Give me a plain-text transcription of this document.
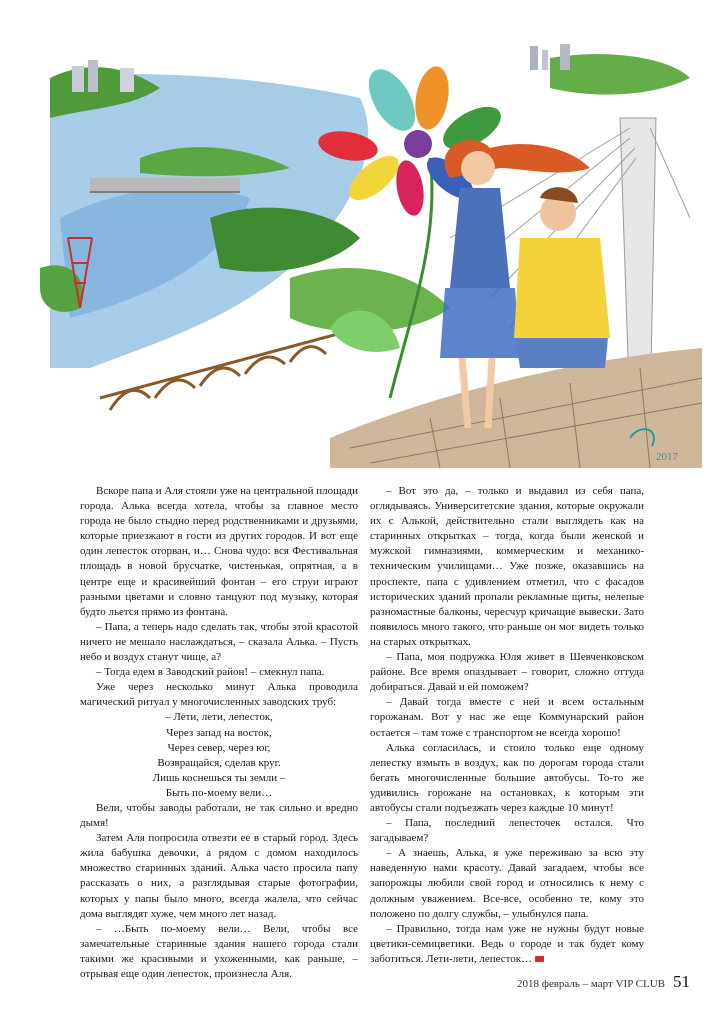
2017

Вскоре папа и Аля стояли уже на центральной площади города. Алька всегда хотела, чтобы за главное место города не было стыдно перед родственниками и друзьями, которые приезжают в гости из других городов. И вот еще один лепесток оторван, и… Снова чудо: вся Фестивальная площадь в новой брусчатке, чистенькая, опрятная, а в центре еще и красивейший фонтан – его струи играют разными цветами и словно танцуют под музыку, которая будто льется прямо из фонтана.

– Папа, а теперь надо сделать так, чтобы этой красотой ничего не мешало наслаждаться, – сказала Алька. – Пусть небо и воздух станут чище, а?

– Тогда едем в Заводский район! – смекнул папа.

Уже через несколько минут Алька проводила магический ритуал у многочисленных заводских труб:

– Лети, лети, лепесток,
Через запад на восток,
Через север, через юг,
Возвращайся, сделав круг.
Лишь коснешься ты земли –
Быть по-моему вели…

Вели, чтобы заводы работали, не так сильно и вредно дымя!

Затем Аля попросила отвезти ее в старый город. Здесь жила бабушка девочки, а рядом с домом находилось множество старинных зданий. Алька часто просила папу рассказать о них, а разглядывая старые фотографии, которых у папы было много, всегда жалела, что сейчас дома выглядят хуже, чем много лет назад.

– …Быть по-моему вели… Вели, чтобы все замечательные старинные здания нашего города стали такими же красивыми и ухоженными, как раньше, – отрывая еще один лепесток, произнесла Аля.

– Вот это да, – только и выдавил из себя папа, оглядываясь. Университетские здания, которые окружали их с Алькой, действительно стали выглядеть как на старинных открытках – тогда, когда были женской и мужской гимназиями, коммерческим и механико-техническим училищами… Уже позже, оказавшись на проспекте, папа с удивлением отметил, что с фасадов исторических зданий пропали рекламные щиты, нелепые разномастные балконы, чересчур кричащие вывески. Зато появилось много такого, что раньше он мог видеть только на старых открытках.

– Папа, моя подружка Юля живет в Шевченковском районе. Все время опаздывает – говорит, сложно оттуда добираться. Давай и ей поможем?

– Давай тогда вместе с ней и всем остальным горожанам. Вот у нас же еще Коммунарский район остается – там тоже с транспортом не всегда хорошо!

Алька согласилась, и стоило только еще одному лепестку взмыть в воздух, как по дорогам города стали бегать многочисленные большие автобусы. То-то же удивились горожане на остановках, к которым эти автобусы стали подъезжать через каждые 10 минут!

– Папа, последний лепесточек остался. Что загадываем?

– А знаешь, Алька, я уже переживаю за всю эту наведенную нами красоту. Давай загадаем, чтобы все запорожцы любили свой город и относились к нему с должным уважением. Все-все, особенно те, кому это положено по долгу службы, – улыбнулся папа.

– Правильно, тогда нам уже не нужны будут новые цветики-семицветики. Ведь о городе и так будет кому заботиться. Лети-лети, лепесток…

2018 февраль – март VIP CLUB 51
